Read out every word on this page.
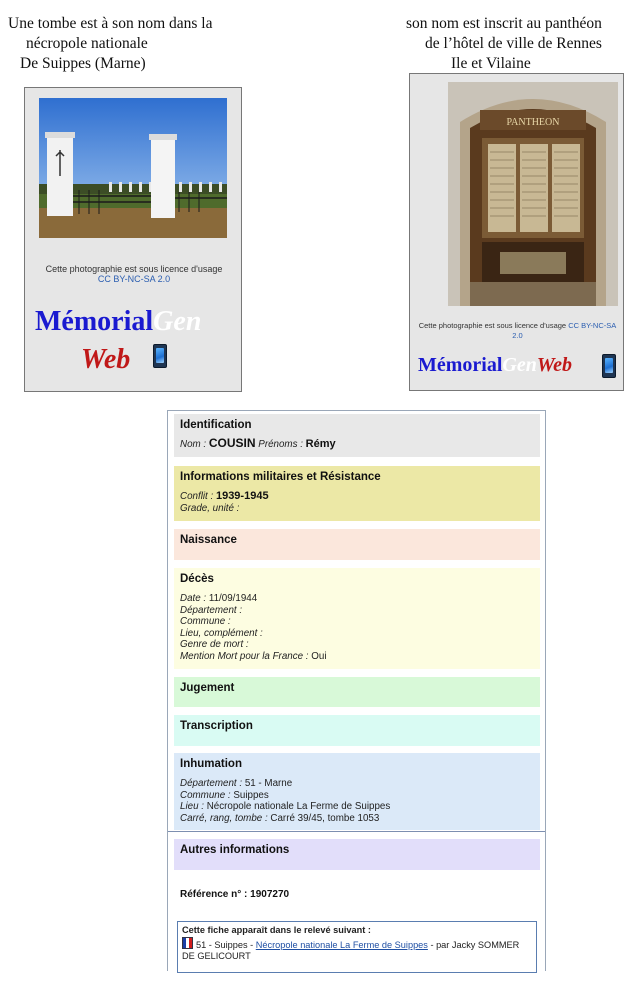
Une tombe est à son nom dans la
nécropole nationale
De Suippes (Marne)
son nom est inscrit au panthéon
de l’hôtel de ville de Rennes
Ile et Vilaine
Cette photographie est sous licence d'usage
CC BY-NC-SA 2.0
MémorialGen
Web
PANTHEON
Cette photographie est sous licence d'usage CC BY-NC-SA
2.0
MémorialGenWeb
Identification
Nom : COUSIN Prénoms : Rémy
Informations militaires et Résistance
Conflit : 1939-1945
Grade, unité :
Naissance
Décès
Date : 11/09/1944
Département :
Commune :
Lieu, complément :
Genre de mort :
Mention Mort pour la France : Oui
Jugement
Transcription
Inhumation
Département : 51 - Marne
Commune : Suippes
Lieu : Nécropole nationale La Ferme de Suippes
Carré, rang, tombe : Carré 39/45, tombe 1053
Autres informations
Référence n° : 1907270
Cette fiche apparaît dans le relevé suivant :
51 - Suippes - Nécropole nationale La Ferme de Suippes - par Jacky SOMMER
DE GELICOURT
